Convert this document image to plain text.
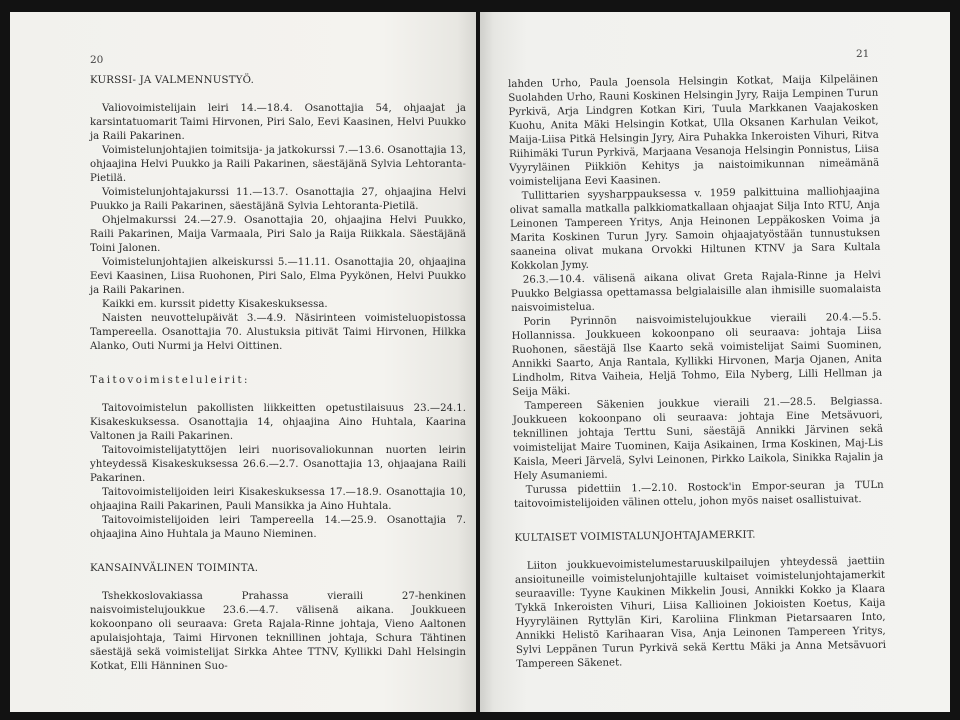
20
KURSSI- JA VALMENNUSTYÖ.

Valiovoimistelijain leiri 14.—18.4. Osanottajia 54, ohjaajat ja karsintatuomarit Taimi Hirvonen, Piri Salo, Eevi Kaasinen, Helvi Puukko ja Raili Pakarinen.

Voimistelunjohtajien toimitsija- ja jatkokurssi 7.—13.6. Osanottajia 13, ohjaajina Helvi Puukko ja Raili Pakarinen, säestäjänä Sylvia Lehtoranta-Pietilä.

Voimistelunjohtajakurssi 11.—13.7. Osanottajia 27, ohjaajina Helvi Puukko ja Raili Pakarinen, säestäjänä Sylvia Lehtoranta-Pietilä.

Ohjelmakurssi 24.—27.9. Osanottajia 20, ohjaajina Helvi Puukko, Raili Pakarinen, Maija Varmaala, Piri Salo ja Raija Riikkala. Säestäjänä Toini Jalonen.

Voimistelunjohtajien alkeiskurssi 5.—11.11. Osanottajia 20, ohjaajina Eevi Kaasinen, Liisa Ruohonen, Piri Salo, Elma Pyykönen, Helvi Puukko ja Raili Pakarinen.

Kaikki em. kurssit pidetty Kisakeskuksessa.

Naisten neuvottelupäivät 3.—4.9. Näsirinteen voimisteluopistossa Tampereella. Osanottajia 70. Alustuksia pitivät Taimi Hirvonen, Hilkka Alanko, Outi Nurmi ja Helvi Oittinen.

Taitovoimisteluleirit:

Taitovoimistelun pakollisten liikkeitten opetustilaisuus 23.—24.1. Kisakeskuksessa. Osanottajia 14, ohjaajina Aino Huhtala, Kaarina Valtonen ja Raili Pakarinen.

Taitovoimistelijatyttöjen leiri nuorisovaliokunnan nuorten leirin yhteydessä Kisakeskuksessa 26.6.—2.7. Osanottajia 13, ohjaajana Raili Pakarinen.

Taitovoimistelijoiden leiri Kisakeskuksessa 17.—18.9. Osanottajia 10, ohjaajina Raili Pakarinen, Pauli Mansikka ja Aino Huhtala.

Taitovoimistelijoiden leiri Tampereella 14.—25.9. Osanottajia 7. ohjaajina Aino Huhtala ja Mauno Nieminen.

KANSAINVÄLINEN TOIMINTA.

Tshekkoslovakiassa Prahassa vieraili 27-henkinen naisvoimistelujoukkue 23.6.—4.7. välisenä aikana. Joukkueen kokoonpano oli seuraava: Greta Rajala-Rinne johtaja, Vieno Aaltonen apulaisjohtaja, Taimi Hirvonen teknillinen johtaja, Schura Tähtinen säestäjä sekä voimistelijat Sirkka Ahtee TTNV, Kyllikki Dahl Helsingin Kotkat, Elli Hänninen Suo-

21

lahden Urho, Paula Joensola Helsingin Kotkat, Maija Kilpeläinen Suolahden Urho, Rauni Koskinen Helsingin Jyry, Raija Lempinen Turun Pyrkivä, Arja Lindgren Kotkan Kiri, Tuula Markkanen Vaajakosken Kuohu, Anita Mäki Helsingin Kotkat, Ulla Oksanen Karhulan Veikot, Maija-Liisa Pitkä Helsingin Jyry, Aira Puhakka Inkeroisten Vihuri, Ritva Riihimäki Turun Pyrkivä, Marjaana Vesanoja Helsingin Ponnistus, Liisa Vyyryläinen Piikkiön Kehitys ja naistoimikunnan nimeämänä voimistelijana Eevi Kaasinen.

Tullittarien syysharppauksessa v. 1959 palkittuina malliohjaajina olivat samalla matkalla palkkiomatkallaan ohjaajat Silja Into RTU, Anja Leinonen Tampereen Yritys, Anja Heinonen Leppäkosken Voima ja Marita Koskinen Turun Jyry. Samoin ohjaajatyöstään tunnustuksen saaneina olivat mukana Orvokki Hiltunen KTNV ja Sara Kultala Kokkolan Jymy.

26.3.—10.4. välisenä aikana olivat Greta Rajala-Rinne ja Helvi Puukko Belgiassa opettamassa belgialaisille alan ihmisille suomalaista naisvoimistelua.

Porin Pyrinnön naisvoimistelujoukkue vieraili 20.4.—5.5. Hollannissa. Joukkueen kokoonpano oli seuraava: johtaja Liisa Ruohonen, säestäjä Ilse Kaarto sekä voimistelijat Saimi Suominen, Annikki Saarto, Anja Rantala, Kyllikki Hirvonen, Marja Ojanen, Anita Lindholm, Ritva Vaiheia, Heljä Tohmo, Eila Nyberg, Lilli Hellman ja Seija Mäki.

Tampereen Säkenien joukkue vieraili 21.—28.5. Belgiassa. Joukkueen kokoonpano oli seuraava: johtaja Eine Metsävuori, teknillinen johtaja Terttu Suni, säestäjä Annikki Järvinen sekä voimistelijat Maire Tuominen, Kaija Asikainen, Irma Koskinen, Maj-Lis Kaisla, Meeri Järvelä, Sylvi Leinonen, Pirkko Laikola, Sinikka Rajalin ja Hely Asumaniemi.

Turussa pidettiin 1.—2.10. Rostock'in Empor-seuran ja TULn taitovoimistelijoiden välinen ottelu, johon myös naiset osallistuivat.

KULTAISET VOIMISTALUNJOHTAJAMERKIT.

Liiton joukkuevoimistelumestaruuskilpailujen yhteydessä jaettiin ansioituneille voimistelunjohtajille kultaiset voimistelunjohtajamerkit seuraaville: Tyyne Kaukinen Mikkelin Jousi, Annikki Kokko ja Klaara Tykkä Inkeroisten Vihuri, Liisa Kallioinen Jokioisten Koetus, Kaija Hyyryläinen Ryttylän Kiri, Karoliina Flinkman Pietarsaaren Into, Annikki Helistö Karihaaran Visa, Anja Leinonen Tampereen Yritys, Sylvi Leppänen Turun Pyrkivä sekä Kerttu Mäki ja Anna Metsävuori Tampereen Säkenet.
